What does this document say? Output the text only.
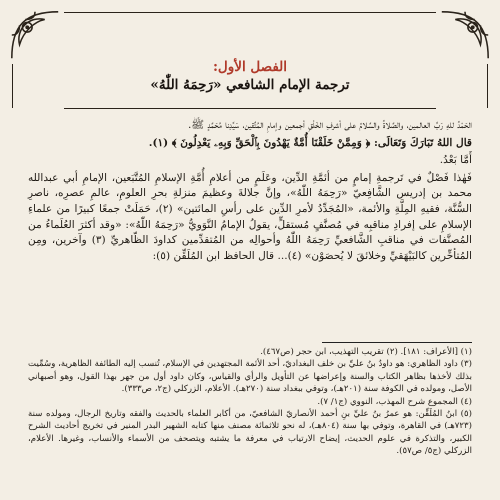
الفصل الأول:
ترجمة الإمام الشافعي «رَحِمَهُ اللّٰهُ»

الحَمْدُ للهِ رَبِّ العالمين، والصَّلاةُ والسَّلامُ على أشرفِ الخَلْقِ أجمعين وإمامِ المُتَّقين، سَيِّدِنا مُحَمَّدٍ ﷺ.

قال اللهُ تَبَارَكَ وَتَعَالَى: ﴿ وَمِمَّنْ خَلَقْنَا أُمَّةٌ يَهْدُونَ بِٱلْحَقِّ وَبِهِۦ يَعْدِلُونَ ﴾ (١).

أَمَّا بَعْدُ.

فَهٰذا فَصْلٌ في تَرجمةِ إمامٍ من أئمَّةِ الدِّين، وعَلَمٍ من أعلامِ أُمَّةِ الإسلامِ المُتَّبَعين، الإمامِ أبي عبدالله محمد بن إدريس الشَّافِعيّ «رَحِمَهُ اللّٰهُ»، وإنَّ جلالةَ وعظيمَ منزلةِ بحرِ العلومِ، عالمِ عصرِه، ناصرِ السُّنَّة، فقيهِ المِلَّةِ والأئمة، «المُجَدِّدُ لأمرِ الدِّين على رأسِ المائتين» (٢)، حَمَلَتْ جمعًا كبيرًا من علماءِ الإسلامِ على إفرادِ مناقبِه في مُصنَّفٍ مُستقلٍّ، يقولُ الإمامُ النَّوَويُّ «رَحِمَهُ اللّٰهُ»: «وقد أكثرَ العُلَماءُ من المُصنَّفات في مناقبِ الشَّافعيِّ رَحِمَهُ اللّٰهُ وأحوالِه من المُتقدِّمين كداودَ الظّاهريِّ (٣) وآخرين، ومِن المُتأخِّرين كالبَيْهَقيِّ وخلائقَ لا يُحصَوْن» (٤)... قال الحافظ ابن المُلَقِّن (٥):

(١) [الأعراف: ١٨١]. (٢) تقريب التهذيب، ابن حجر (ص٤٦٧).

(٣) داود الظاهري: هو داودُ بنُ عليِّ بن خلف البغداديّ، أحد الأئمة المجتهدين في الإسلام، تُنسب إليه الطائفة الظاهرية، وسُمِّيت بذلك لأخذها بظاهر الكتاب والسنة وإعراضها عن التأويل والرأي والقياس، وكان داود أول من جهر بهذا القول، وهو أصبهاني الأصل، ومولده في الكوفة سنة (٢٠١هـ)، وتوفي ببغداد سنة (٢٧٠هـ). الأعلام، الزركلي (ج٢، ص٣٣٣).

(٤) المجموع شرح المهذب، النووي (ج١/ ٧).

(٥) ابنُ المُلَقِّن: هو عمرُ بنُ عليِّ بنِ أحمد الأنصاريّ الشافعيّ، من أكابر العلماء بالحديث والفقه وتاريخ الرجال، ومولده سنة (٧٢٣هـ) في القاهرة، وتوفي بها سنة (٨٠٤هـ)، له نحو ثلاثمائة مصنف منها كتابه الشهير البدر المنير في تخريج أحاديث الشرح الكبير، والتذكرة في علوم الحديث، إيضاح الارتياب في معرفة ما يشتبه ويتصحف من الأسماء والأنساب، وغيرها. الأعلام، الزركلي (ج٥/ ص٥٧).
